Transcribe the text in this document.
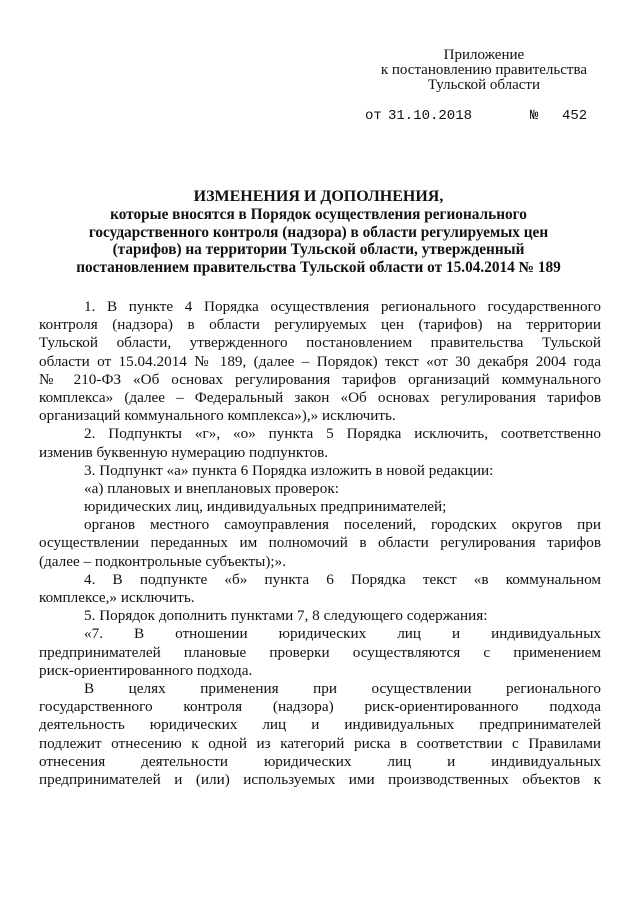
Приложение
к постановлению правительства
Тульской области
от 31.10.2018	№ 452
ИЗМЕНЕНИЯ И ДОПОЛНЕНИЯ,
которые вносятся в Порядок осуществления регионального
государственного контроля (надзора) в области регулируемых цен
(тарифов) на территории Тульской области, утвержденный
постановлением правительства Тульской области от 15.04.2014 № 189
1. В пункте 4 Порядка осуществления регионального государственного
контроля (надзора) в области регулируемых цен (тарифов) на территории
Тульской области, утвержденного постановлением правительства Тульской
области от 15.04.2014 № 189, (далее – Порядок) текст «от 30 декабря 2004 года
№ 210-ФЗ «Об основах регулирования тарифов организаций коммунального
комплекса» (далее – Федеральный закон «Об основах регулирования тарифов
организаций коммунального комплекса»),» исключить.
2. Подпункты «г», «о» пункта 5 Порядка исключить, соответственно
изменив буквенную нумерацию подпунктов.
3. Подпункт «а» пункта 6 Порядка изложить в новой редакции:
«а) плановых и внеплановых проверок:
юридических лиц, индивидуальных предпринимателей;
органов местного самоуправления поселений, городских округов при
осуществлении переданных им полномочий в области регулирования тарифов
(далее – подконтрольные субъекты);».
4. В подпункте «б» пункта 6 Порядка текст «в коммунальном
комплексе,» исключить.
5. Порядок дополнить пунктами 7, 8 следующего содержания:
«7. В отношении юридических лиц и индивидуальных
предпринимателей плановые проверки осуществляются с применением
риск-ориентированного подхода.
В целях применения при осуществлении регионального
государственного контроля (надзора) риск-ориентированного подхода
деятельность юридических лиц и индивидуальных предпринимателей
подлежит отнесению к одной из категорий риска в соответствии с Правилами
отнесения деятельности юридических лиц и индивидуальных
предпринимателей и (или) используемых ими производственных объектов к
